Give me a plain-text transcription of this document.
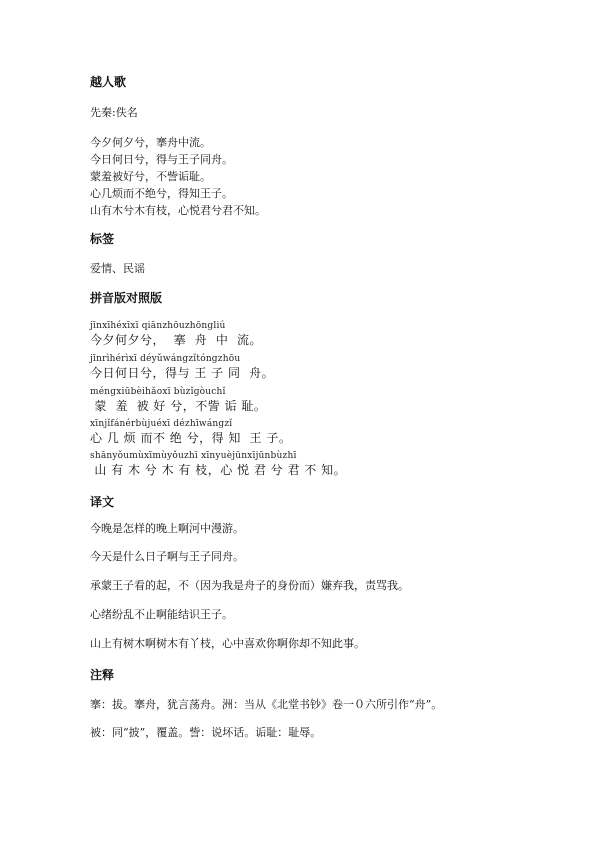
越人歌

先秦:佚名

今夕何夕兮，搴舟中流。

今日何日兮，得与王子同舟。

蒙羞被好兮，不訾诟耻。

心几烦而不绝兮，得知王子。

山有木兮木有枝，心悦君兮君不知。

标签

爱情、民谣

拼音版对照版

jīnxīhéxīxī qiānzhōuzhōngliú

今夕何夕兮，  搴  舟  中  流。

jīnrìhérìxī déyǔwángzǐtóngzhōu

今日何日兮，得与 王 子 同  舟。

méngxiūbèihǎoxī bùzǐgòuchǐ

蒙  羞  被 好 兮，不訾 诟 耻。

xīnjǐfánérbùjuéxī dézhīwángzǐ

心 几 烦 而不 绝 兮，得 知  王 子。

shānyǒumùxīmùyǒuzhī xīnyuèjūnxījūnbùzhī

山 有 木 兮 木 有 枝，心 悦 君 兮 君 不 知。

译文

今晚是怎样的晚上啊河中漫游。

今天是什么日子啊与王子同舟。

承蒙王子看的起，不（因为我是舟子的身份而）嫌弃我，责骂我。

心绪纷乱不止啊能结识王子。

山上有树木啊树木有丫枝，心中喜欢你啊你却不知此事。

注释

搴：拔。搴舟，犹言荡舟。洲：当从《北堂书钞》卷一０六所引作“舟”。

被：同“披”，覆盖。訾：说坏话。诟耻：耻辱。
